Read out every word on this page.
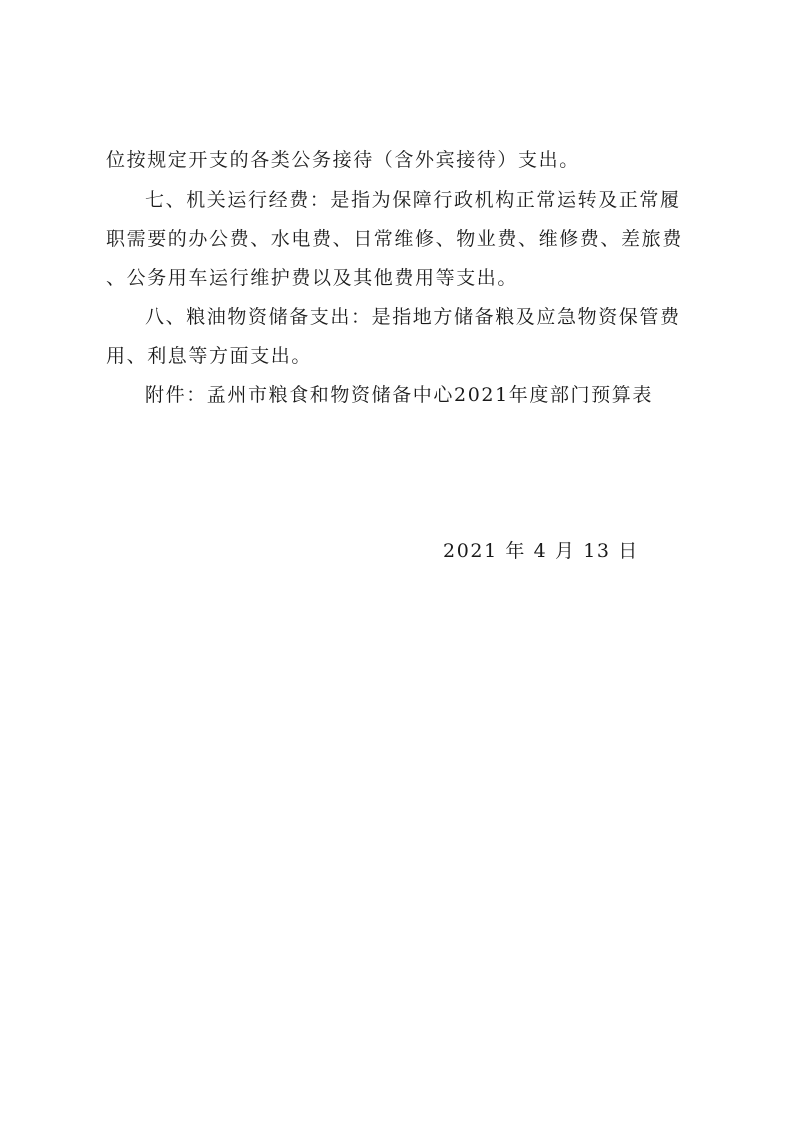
位按规定开支的各类公务接待（含外宾接待）支出。
七、机关运行经费：是指为保障行政机构正常运转及正常履
职需要的办公费、水电费、日常维修、物业费、维修费、差旅费
、公务用车运行维护费以及其他费用等支出。
八、粮油物资储备支出：是指地方储备粮及应急物资保管费
用、利息等方面支出。
附件：孟州市粮食和物资储备中心2021年度部门预算表
2021 年 4 月 13 日
